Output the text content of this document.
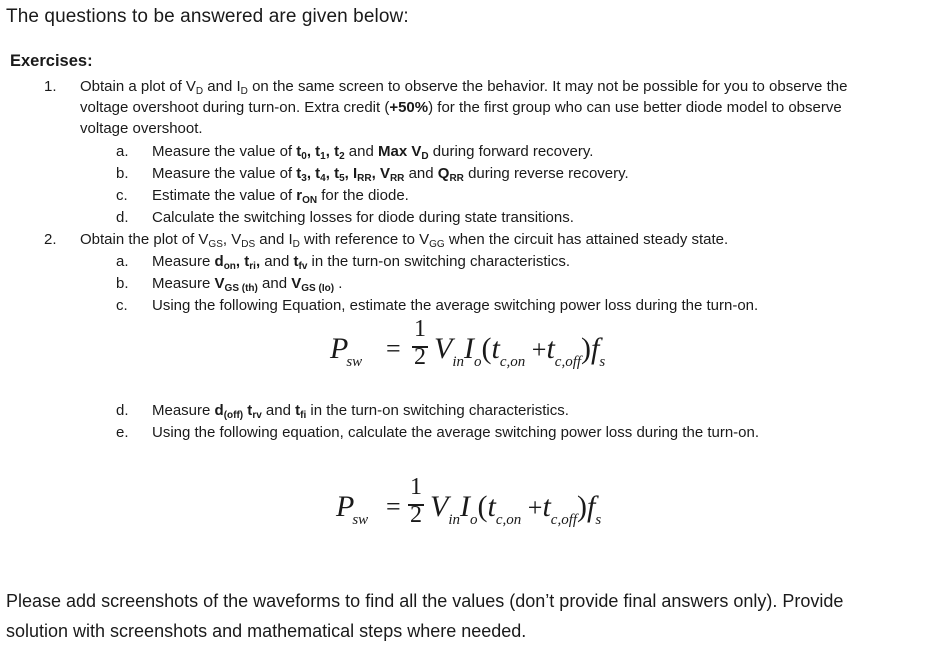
The questions to be answered are given below:
Exercises:
1. Obtain a plot of $V_D$ and $I_D$ on the same screen to observe the behavior. It may not be possible for you to observe the
voltage overshoot during turn-on. Extra credit (+50%) for the first group who can use better diode model to observe
voltage overshoot.
a. Measure the value of $t_0$, $t_1$, $t_2$ and Max $V_D$ during forward recovery.
b. Measure the value of $t_3$, $t_4$, $t_5$, $I_{RR}$, $V_{RR}$ and $Q_{RR}$ during reverse recovery.
c. Estimate the value of $r_{ON}$ for the diode.
d. Calculate the switching losses for diode during state transitions.
2. Obtain the plot of $V_{GS}$, $V_{DS}$ and $I_D$ with reference to $V_{GG}$ when the circuit has attained steady state.
a. Measure $d_{on}$, $t_{ri}$, and $t_{fv}$ in the turn-on switching characteristics.
b. Measure $V_{GS (th)}$ and $V_{GS (Io)}$ .
c. Using the following Equation, estimate the average switching power loss during the turn-on.
$P_{sw}$ =
1
2 $V_{in}I_o(t_{c,on} +t_{c,off})f_s$
d. Measure $d_{(off)}$ $t_{rv}$ and $t_{fi}$ in the turn-on switching characteristics.
e. Using the following equation, calculate the average switching power loss during the turn-on.
$P_{sw}$ =
1
2 $V_{in}I_o(t_{c,on} +t_{c,off})f_s$
Please add screenshots of the waveforms to find all the values (don’t provide final answers only). Provide
solution with screenshots and mathematical steps where needed.
